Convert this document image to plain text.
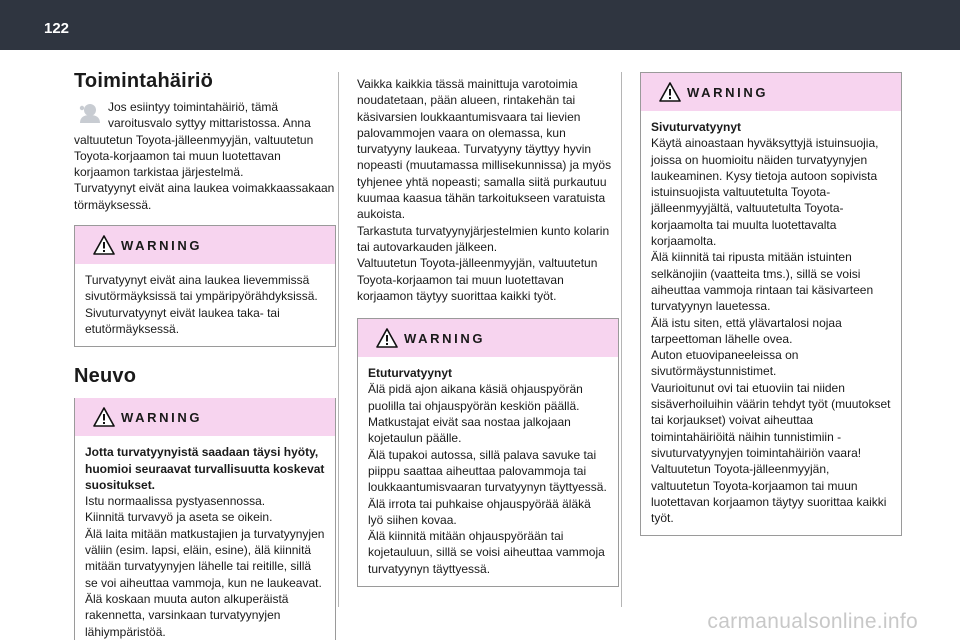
122
Toimintahäiriö

Jos esiintyy toimintahäiriö, tämä varoitusvalo syttyy mittaristossa. Anna valtuutetun Toyota-jälleenmyyjän, valtuutetun Toyota-korjaamon tai muun luotettavan korjaamon tarkistaa järjestelmä.
Turvatyynyt eivät aina laukea voimakkaassakaan törmäyksessä.

WARNING
Turvatyynyt eivät aina laukea lievemmissä sivutörmäyksissä tai ympäripyörähdyksissä. Sivuturvatyynyt eivät laukea taka- tai etutörmäyksessä.
Neuvo
WARNING
Jotta turvatyynyistä saadaan täysi hyöty, huomioi seuraavat turvallisuutta koskevat suositukset.
Istu normaalissa pystyasennossa.
Kiinnitä turvavyö ja aseta se oikein.
Älä laita mitään matkustajien ja turvatyynyjen väliin (esim. lapsi, eläin, esine), älä kiinnitä mitään turvatyynyjen lähelle tai reitille, sillä se voi aiheuttaa vammoja, kun ne laukeavat.
Älä koskaan muuta auton alkuperäistä rakennetta, varsinkaan turvatyynyjen lähiympäristöä.

Vaikka kaikkia tässä mainittuja varotoimia noudatetaan, pään alueen, rintakehän tai käsivarsien loukkaantumisvaara tai lievien palovammojen vaara on olemassa, kun turvatyyny laukeaa. Turvatyyny täyttyy hyvin nopeasti (muutamassa millisekunnissa) ja myös tyhjenee yhtä nopeasti; samalla siitä purkautuu kuumaa kaasua tähän tarkoitukseen varatuista aukoista.
Tarkastuta turvatyynyjärjestelmien kunto kolarin tai autovarkauden jälkeen.
Valtuutetun Toyota-jälleenmyyjän, valtuutetun Toyota-korjaamon tai muun luotettavan korjaamon täytyy suorittaa kaikki työt.

WARNING
Etuturvatyynyt
Älä pidä ajon aikana käsiä ohjauspyörän puolilla tai ohjauspyörän keskiön päällä.
Matkustajat eivät saa nostaa jalkojaan kojetaulun päälle.
Älä tupakoi autossa, sillä palava savuke tai piippu saattaa aiheuttaa palovammoja tai loukkaantumisvaaran turvatyynyn täyttyessä.
Älä irrota tai puhkaise ohjauspyörää äläkä lyö siihen kovaa.
Älä kiinnitä mitään ohjauspyörään tai kojetauluun, sillä se voisi aiheuttaa vammoja turvatyynyn täyttyessä.
WARNING
Sivuturvatyynyt
Käytä ainoastaan hyväksyttyjä istuinsuojia, joissa on huomioitu näiden turvatyynyjen laukeaminen. Kysy tietoja autoon sopivista istuinsuojista valtuutetulta Toyota-jälleenmyyjältä, valtuutetulta Toyota-korjaamolta tai muulta luotettavalta korjaamolta.
Älä kiinnitä tai ripusta mitään istuinten selkänojiin (vaatteita tms.), sillä se voisi aiheuttaa vammoja rintaan tai käsivarteen turvatyynyn lauetessa.
Älä istu siten, että ylävartalosi nojaa tarpeettoman lähelle ovea.
Auton etuovipaneeleissa on sivutörmäystunnistimet.
Vaurioitunut ovi tai etuoviin tai niiden sisäverhoiluihin väärin tehdyt työt (muutokset tai korjaukset) voivat aiheuttaa toimintahäiriöitä näihin tunnistimiin - sivuturvatyynyjen toimintahäiriön vaara!
Valtuutetun Toyota-jälleenmyyjän, valtuutetun Toyota-korjaamon tai muun luotettavan korjaamon täytyy suorittaa kaikki työt.
carmanualsonline.info
